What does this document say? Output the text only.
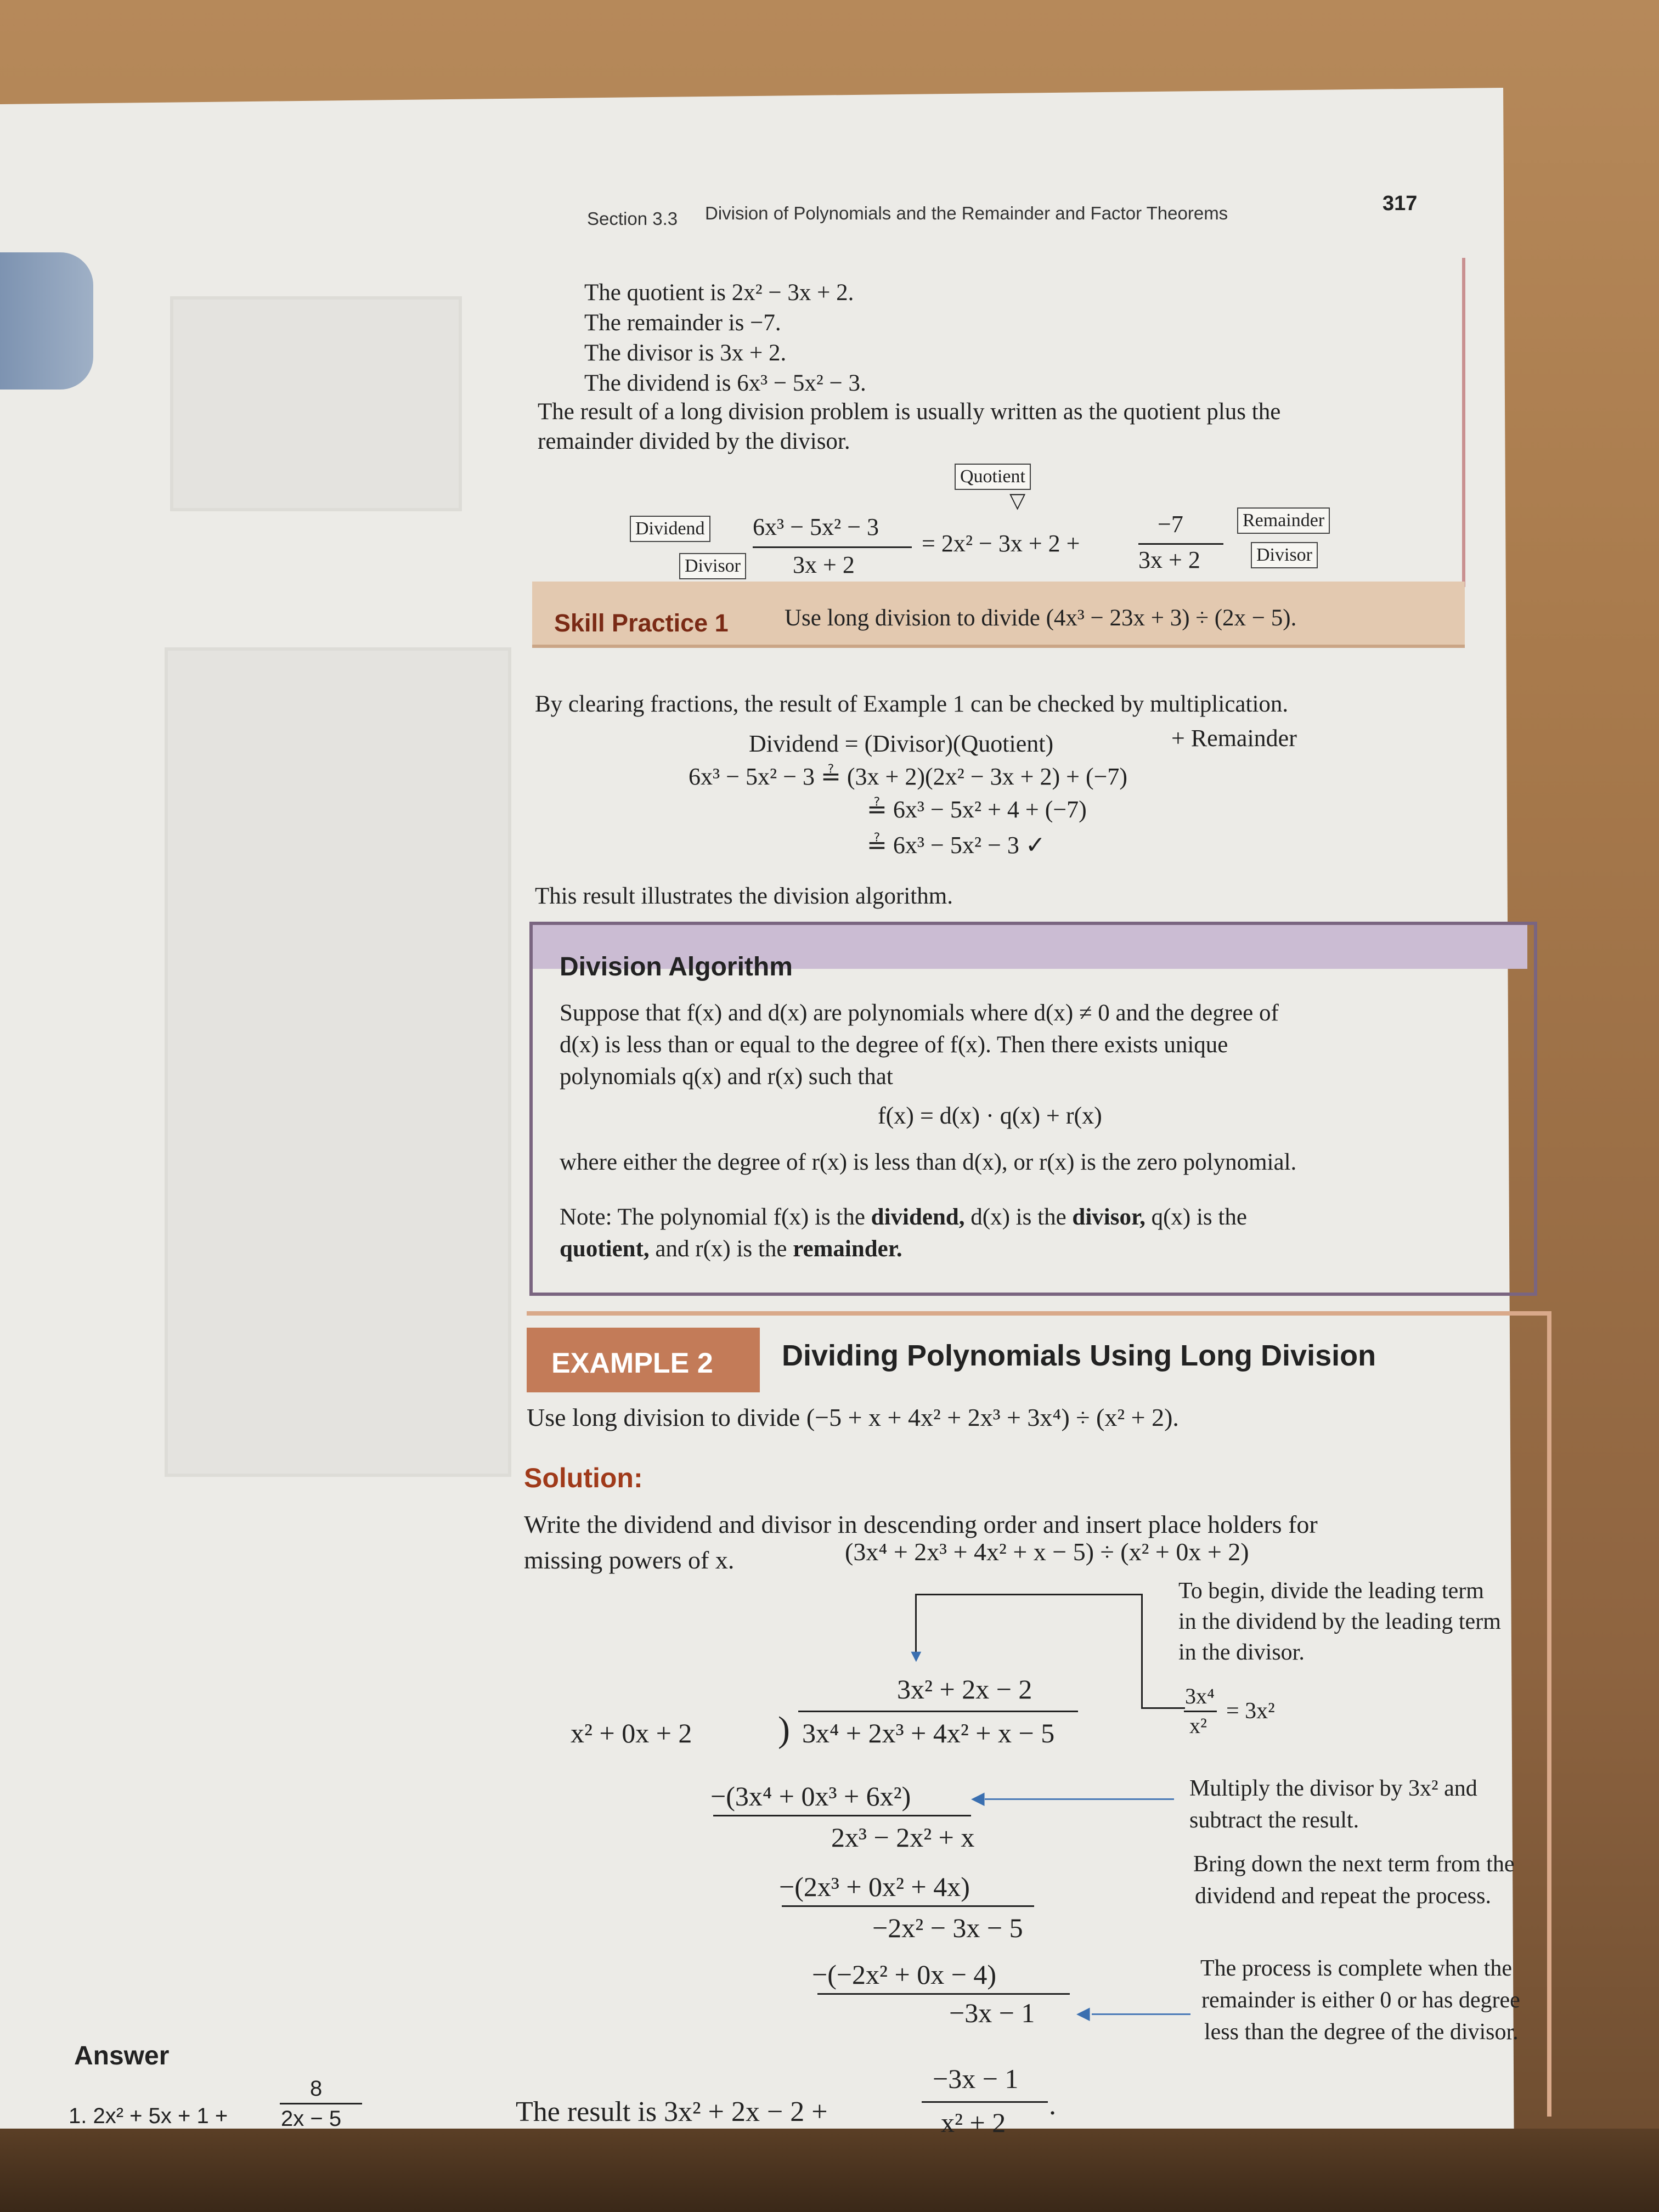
Section 3.3 Division of Polynomials and the Remainder and Factor Theorems	317
The quotient is 2x² − 3x + 2.
The remainder is −7.
The divisor is 3x + 2.
The dividend is 6x³ − 5x² − 3.
The result of a long division problem is usually written as the quotient plus the
remainder divided by the divisor.
Quotient
▽
Dividend
Divisor
6x³ − 5x² − 3
3x + 2
= 2x² − 3x + 2 +
−7
3x + 2
Remainder
Divisor
Skill Practice 1 Use long division to divide (4x³ − 23x + 3) ÷ (2x − 5).
By clearing fractions, the result of Example 1 can be checked by multiplication.
Dividend = (Divisor)(Quotient)	+ Remainder
6x³ − 5x² − 3 ≟ (3x + 2)(2x² − 3x + 2) + (−7)
≟ 6x³ − 5x² + 4 + (−7)
≟ 6x³ − 5x² − 3 ✓
This result illustrates the division algorithm.
Division Algorithm
Suppose that f(x) and d(x) are polynomials where d(x) ≠ 0 and the degree of
d(x) is less than or equal to the degree of f(x). Then there exists unique
polynomials q(x) and r(x) such that
f(x) = d(x) · q(x) + r(x)
where either the degree of r(x) is less than d(x), or r(x) is the zero polynomial.
Note: The polynomial f(x) is the dividend, d(x) is the divisor, q(x) is the
quotient, and r(x) is the remainder.
EXAMPLE 2 Dividing Polynomials Using Long Division
Use long division to divide (−5 + x + 4x² + 2x³ + 3x⁴) ÷ (x² + 2).
Solution:
Write the dividend and divisor in descending order and insert place holders for
missing powers of x.	(3x⁴ + 2x³ + 4x² + x − 5) ÷ (x² + 0x + 2)
▼
3x² + 2x − 2
x² + 0x + 2 ) 3x⁴ + 2x³ + 4x² + x − 5
−(3x⁴ + 0x³ + 6x²)
2x³ − 2x² + x
−(2x³ + 0x² + 4x)
−2x² − 3x − 5
−(−2x² + 0x − 4)
−3x − 1
To begin, divide the leading term
in the dividend by the leading term
in the divisor.
3x⁴
x²
= 3x²
◀	Multiply the divisor by 3x² and
subtract the result.
Bring down the next term from the
dividend and repeat the process.
◀
The process is complete when the
remainder is either 0 or has degree
less than the degree of the divisor.
The result is 3x² + 2x − 2 +
−3x − 1
x² + 2
.
Answer
1. 2x² + 5x + 1 +
8
2x − 5
